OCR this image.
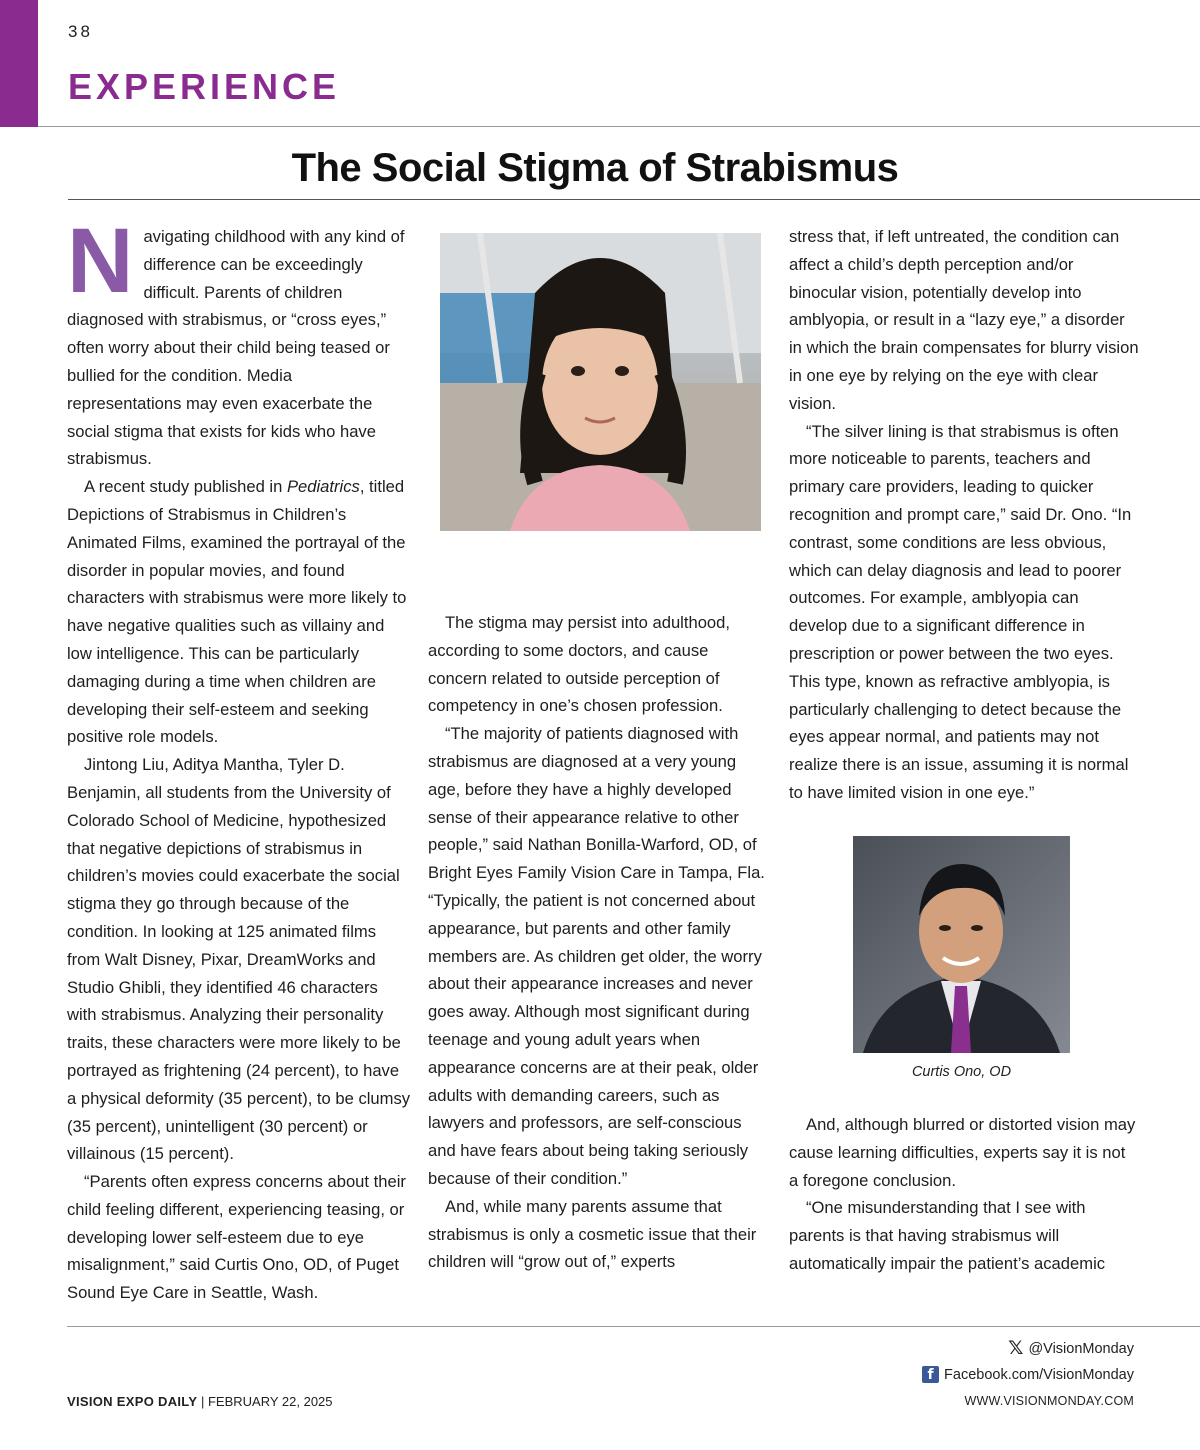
38
EXPERIENCE
The Social Stigma of Strabismus
N avigating childhood with any kind of difference can be exceedingly difficult. Parents of children diagnosed with strabismus, or “cross eyes,” often worry about their child being teased or bullied for the condition. Media representations may even exacerbate the social stigma that exists for kids who have strabismus.

A recent study published in Pediatrics, titled Depictions of Strabismus in Children’s Animated Films, examined the portrayal of the disorder in popular movies, and found characters with strabismus were more likely to have negative qualities such as villainy and low intelligence. This can be particularly damaging during a time when children are developing their self-esteem and seeking positive role models.

Jintong Liu, Aditya Mantha, Tyler D. Benjamin, all students from the University of Colorado School of Medicine, hypothesized that negative depictions of strabismus in children’s movies could exacerbate the social stigma they go through because of the condition. In looking at 125 animated films from Walt Disney, Pixar, DreamWorks and Studio Ghibli, they identified 46 characters with strabismus. Analyzing their personality traits, these characters were more likely to be portrayed as frightening (24 percent), to have a physical deformity (35 percent), to be clumsy (35 percent), unintelligent (30 percent) or villainous (15 percent).

“Parents often express concerns about their child feeling different, experiencing teasing, or developing lower self-esteem due to eye misalignment,” said Curtis Ono, OD, of Puget Sound Eye Care in Seattle, Wash.

The stigma may persist into adulthood, according to some doctors, and cause concern related to outside perception of competency in one’s chosen profession.

“The majority of patients diagnosed with strabismus are diagnosed at a very young age, before they have a highly developed sense of their appearance relative to other people,” said Nathan Bonilla-Warford, OD, of Bright Eyes Family Vision Care in Tampa, Fla. “Typically, the patient is not concerned about appearance, but parents and other family members are. As children get older, the worry about their appearance increases and never goes away. Although most significant during teenage and young adult years when appearance concerns are at their peak, older adults with demanding careers, such as lawyers and professors, are self-conscious and have fears about being taking seriously because of their condition.”

And, while many parents assume that strabismus is only a cosmetic issue that their children will “grow out of,” experts

stress that, if left untreated, the condition can affect a child’s depth perception and/or binocular vision, potentially develop into amblyopia, or result in a “lazy eye,” a disorder in which the brain compensates for blurry vision in one eye by relying on the eye with clear vision.

“The silver lining is that strabismus is often more noticeable to parents, teachers and primary care providers, leading to quicker recognition and prompt care,” said Dr. Ono. “In contrast, some conditions are less obvious, which can delay diagnosis and lead to poorer outcomes. For example, amblyopia can develop due to a significant difference in prescription or power between the two eyes. This type, known as refractive amblyopia, is particularly challenging to detect because the eyes appear normal, and patients may not realize there is an issue, assuming it is normal to have limited vision in one eye.”

Curtis Ono, OD

And, although blurred or distorted vision may cause learning difficulties, experts say it is not a foregone conclusion.

“One misunderstanding that I see with parents is that having strabismus will automatically impair the patient’s academic

𝕏 @VisionMonday
f Facebook.com/VisionMonday
VISION EXPO DAILY | FEBRUARY 22, 2025	WWW.VISIONMONDAY.COM
